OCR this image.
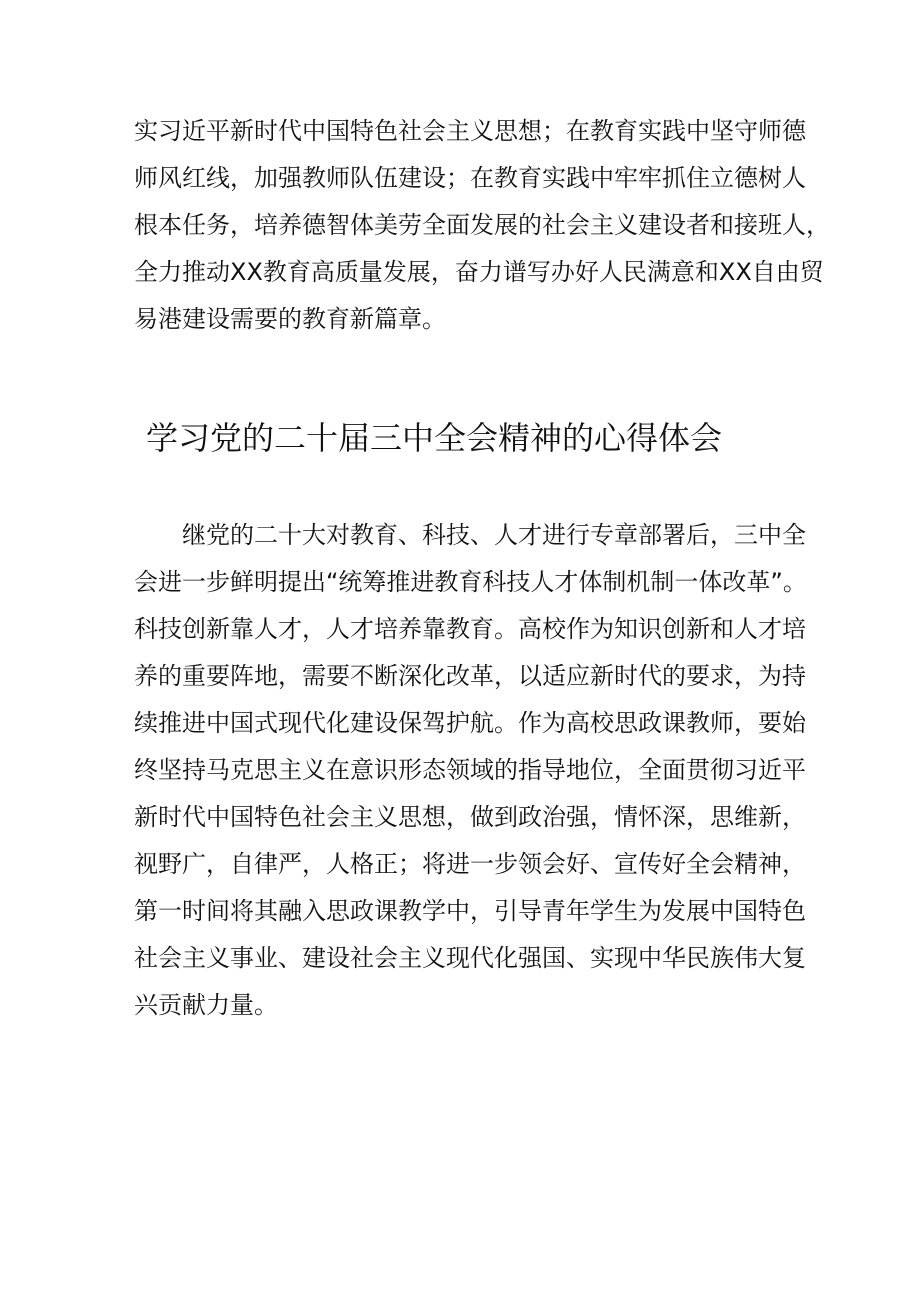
实习近平新时代中国特色社会主义思想；在教育实践中坚守师德
师风红线，加强教师队伍建设；在教育实践中牢牢抓住立德树人
根本任务，培养德智体美劳全面发展的社会主义建设者和接班人，
全力推动XX教育高质量发展，奋力谱写办好人民满意和XX自由贸
易港建设需要的教育新篇章。
学习党的二十届三中全会精神的心得体会
继党的二十大对教育、科技、人才进行专章部署后，三中全
会进一步鲜明提出“统筹推进教育科技人才体制机制一体改革”。
科技创新靠人才，人才培养靠教育。高校作为知识创新和人才培
养的重要阵地，需要不断深化改革，以适应新时代的要求，为持
续推进中国式现代化建设保驾护航。作为高校思政课教师，要始
终坚持马克思主义在意识形态领域的指导地位，全面贯彻习近平
新时代中国特色社会主义思想，做到政治强，情怀深，思维新，
视野广，自律严，人格正；将进一步领会好、宣传好全会精神，
第一时间将其融入思政课教学中，引导青年学生为发展中国特色
社会主义事业、建设社会主义现代化强国、实现中华民族伟大复
兴贡献力量。
